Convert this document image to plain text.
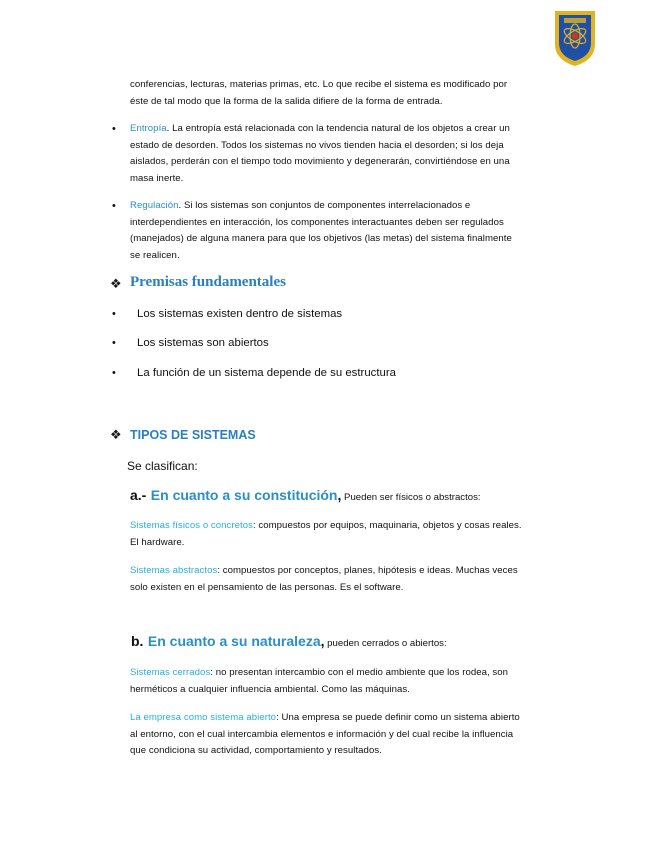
conferencias, lecturas, materias primas, etc. Lo que recibe el sistema es modificado por
éste de tal modo que la forma de la salida difiere de la forma de entrada.
• Entropía. La entropía está relacionada con la tendencia natural de los objetos a crear un
estado de desorden. Todos los sistemas no vivos tienden hacia el desorden; si los deja
aislados, perderán con el tiempo todo movimiento y degenerarán, convirtiéndose en una
masa inerte.
• Regulación. Si los sistemas son conjuntos de componentes interrelacionados e
interdependientes en interacción, los componentes interactuantes deben ser regulados
(manejados) de alguna manera para que los objetivos (las metas) del sistema finalmente
se realicen.
❖ Premisas fundamentales
• Los sistemas existen dentro de sistemas
• Los sistemas son abiertos
• La función de un sistema depende de su estructura
❖ TIPOS DE SISTEMAS
Se clasifican:
a.- En cuanto a su constitución, Pueden ser físicos o abstractos:
Sistemas físicos o concretos: compuestos por equipos, maquinaria, objetos y cosas reales.
El hardware.
Sistemas abstractos: compuestos por conceptos, planes, hipótesis e ideas. Muchas veces
solo existen en el pensamiento de las personas. Es el software.
b. En cuanto a su naturaleza, pueden cerrados o abiertos:
Sistemas cerrados: no presentan intercambio con el medio ambiente que los rodea, son
herméticos a cualquier influencia ambiental. Como las máquinas.
La empresa como sistema abierto: Una empresa se puede definir como un sistema abierto
al entorno, con el cual intercambia elementos e información y del cual recibe la influencia
que condiciona su actividad, comportamiento y resultados.
